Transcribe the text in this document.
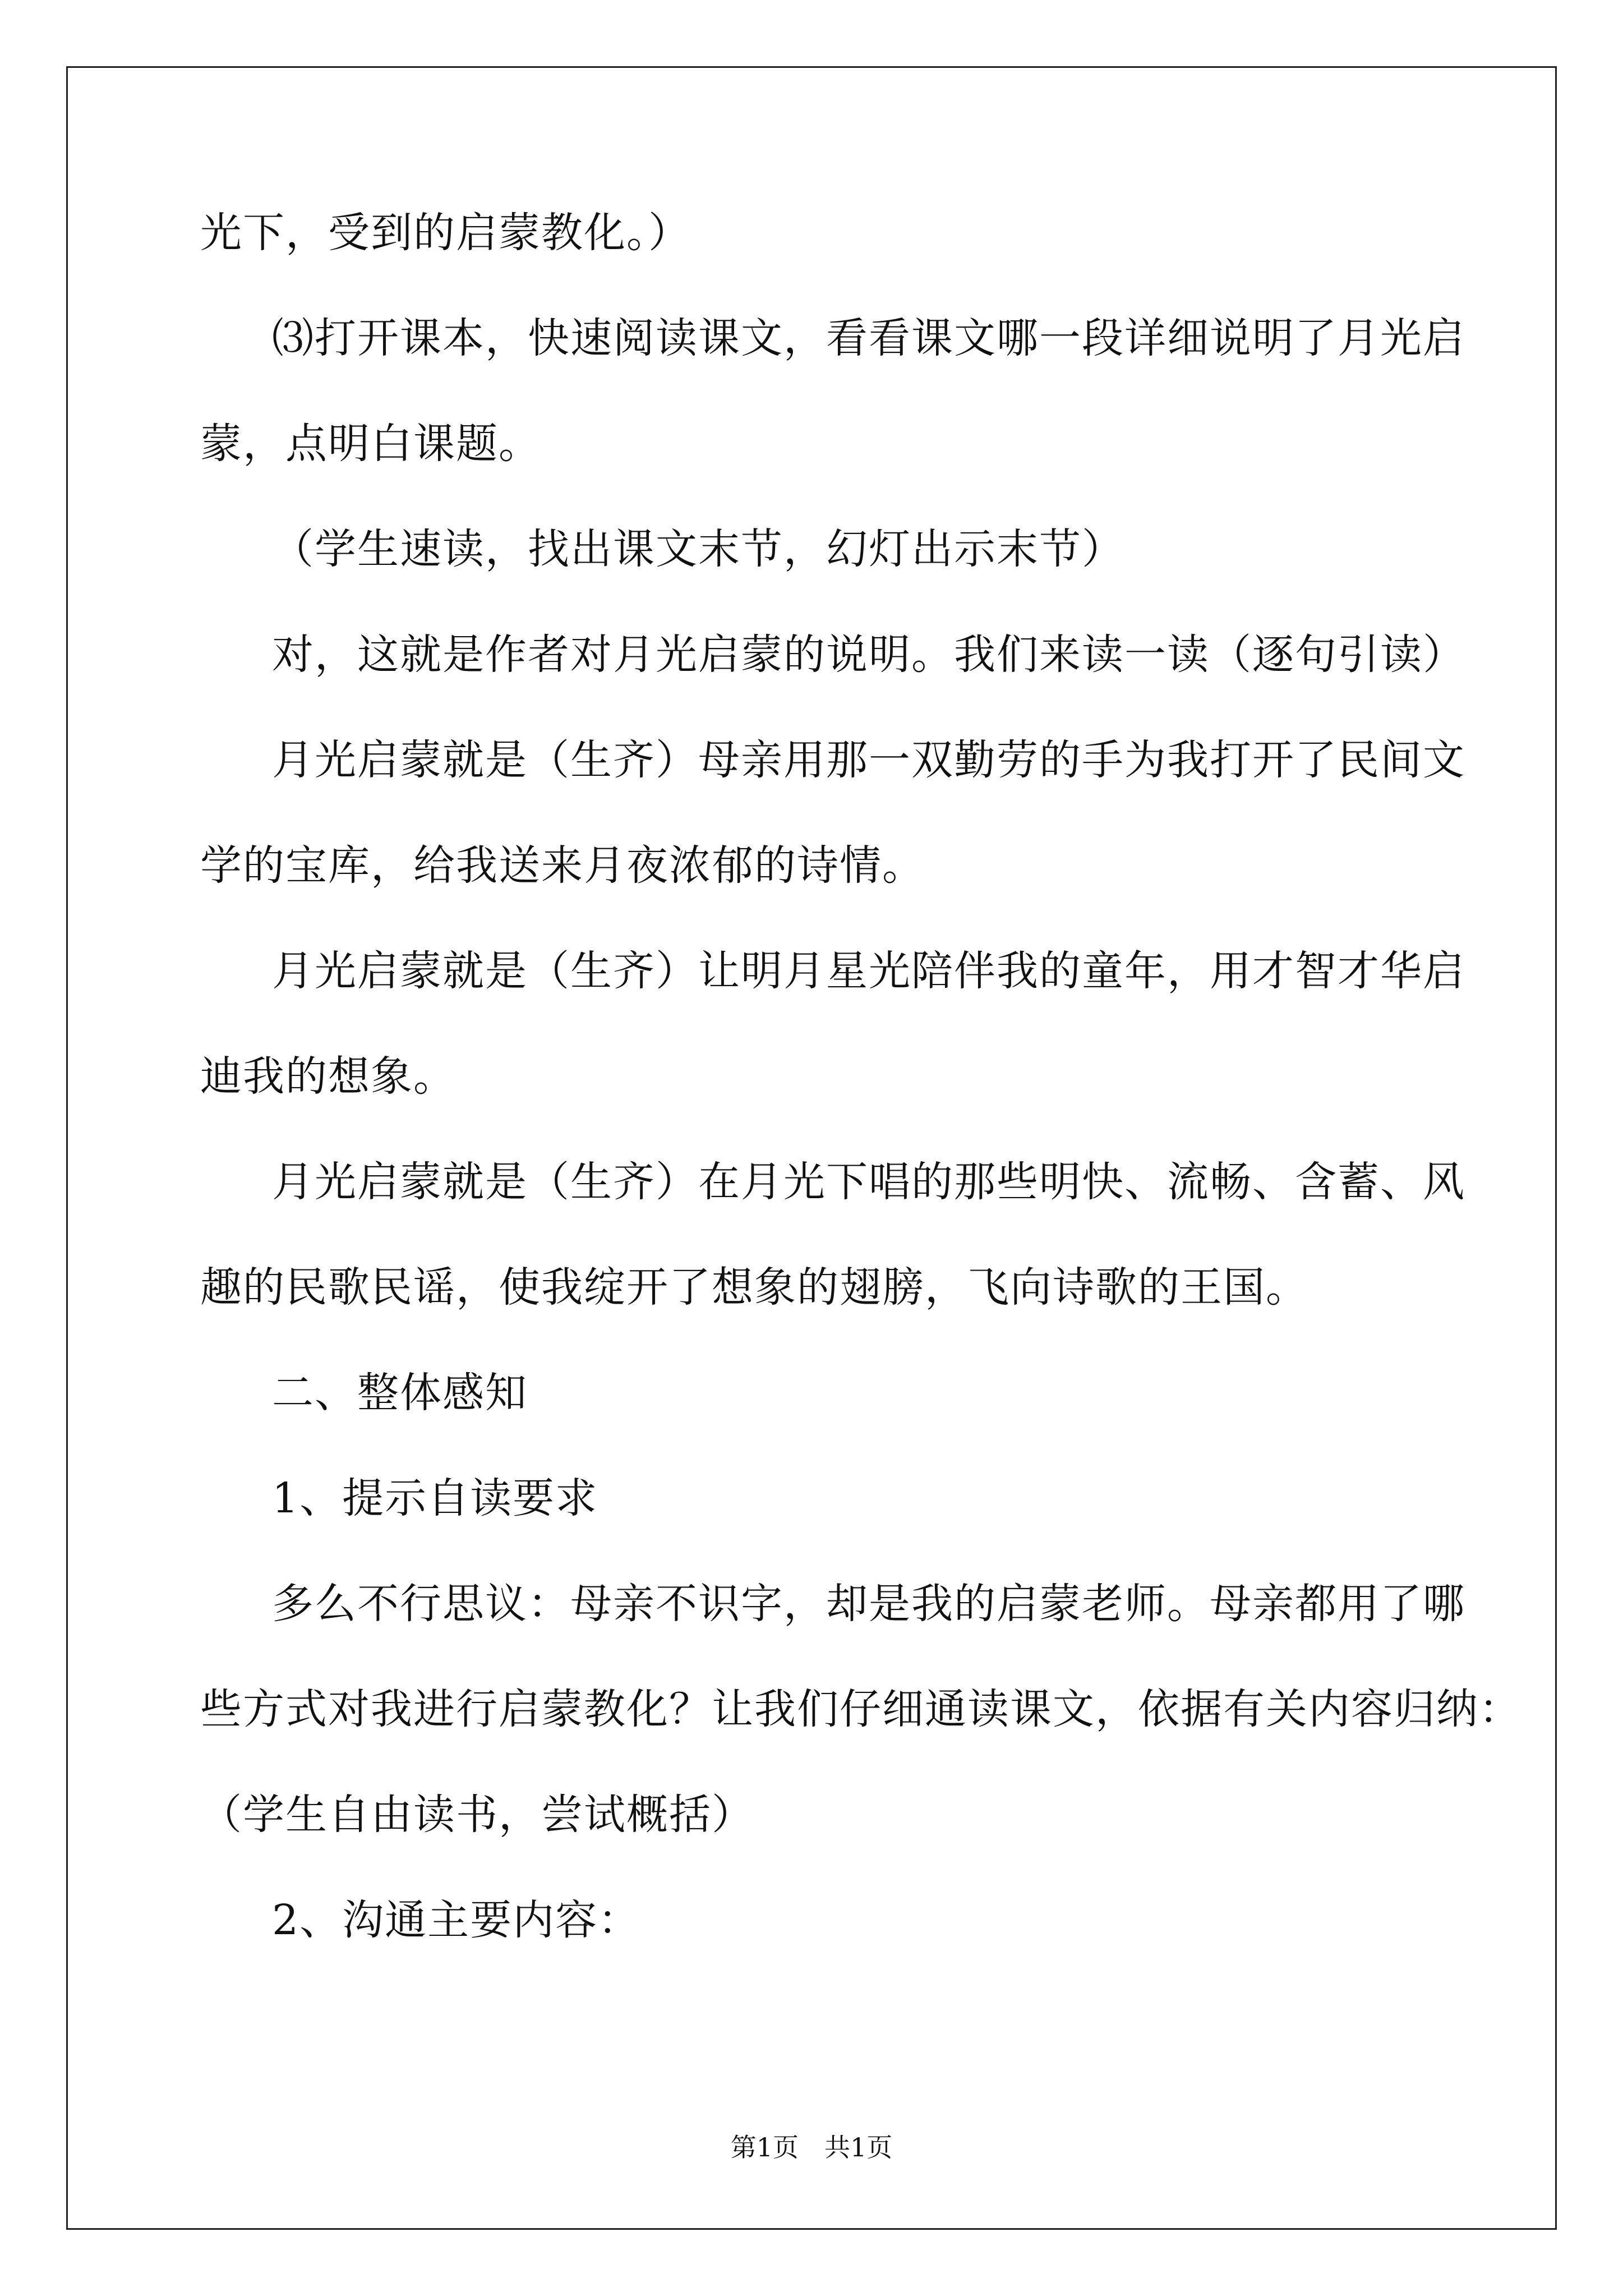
光下，受到的启蒙教化。）
⑶打开课本，快速阅读课文，看看课文哪一段详细说明了月光启
蒙，点明白课题。
（学生速读，找出课文末节，幻灯出示末节）
对，这就是作者对月光启蒙的说明。我们来读一读（逐句引读）
月光启蒙就是（生齐）母亲用那一双勤劳的手为我打开了民间文
学的宝库，给我送来月夜浓郁的诗情。
月光启蒙就是（生齐）让明月星光陪伴我的童年，用才智才华启
迪我的想象。
月光启蒙就是（生齐）在月光下唱的那些明快、流畅、含蓄、风
趣的民歌民谣，使我绽开了想象的翅膀，飞向诗歌的王国。
二、整体感知
1、提示自读要求
多么不行思议：母亲不识字，却是我的启蒙老师。母亲都用了哪
些方式对我进行启蒙教化？让我们仔细通读课文，依据有关内容归纳：
（学生自由读书，尝试概括）
2、沟通主要内容：
第1页　共1页
